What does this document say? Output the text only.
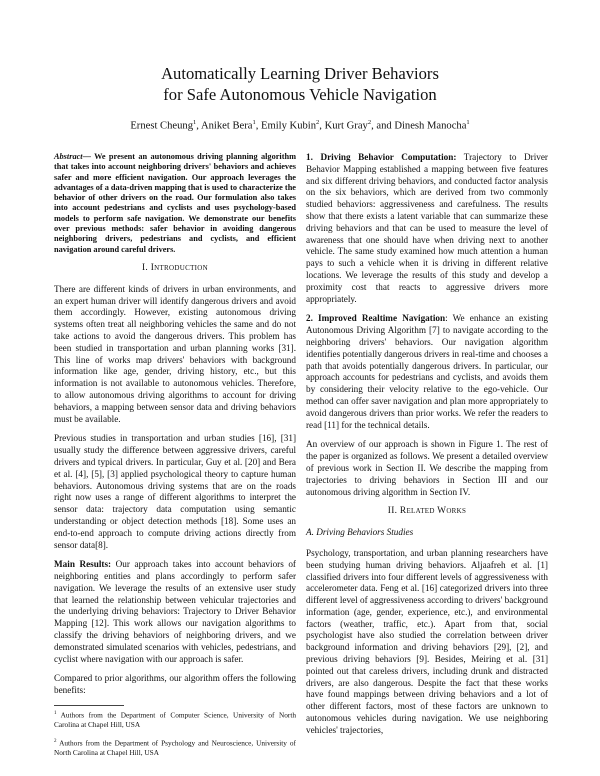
Automatically Learning Driver Behaviors
for Safe Autonomous Vehicle Navigation
Ernest Cheung$^1$, Aniket Bera$^1$, Emily Kubin$^2$, Kurt Gray$^2$, and Dinesh Manocha$^1$

Abstract— We present an autonomous driving planning algorithm that takes into account neighboring drivers' behaviors and achieves safer and more efficient navigation. Our approach leverages the advantages of a data-driven mapping that is used to characterize the behavior of other drivers on the road. Our formulation also takes into account pedestrians and cyclists and uses psychology-based models to perform safe navigation. We demonstrate our benefits over previous methods: safer behavior in avoiding dangerous neighboring drivers, pedestrians and cyclists, and efficient navigation around careful drivers.

I. Introduction

There are different kinds of drivers in urban environments, and an expert human driver will identify dangerous drivers and avoid them accordingly. However, existing autonomous driving systems often treat all neighboring vehicles the same and do not take actions to avoid the dangerous drivers. This problem has been studied in transportation and urban planning works [31]. This line of works map drivers' behaviors with background information like age, gender, driving history, etc., but this information is not available to autonomous vehicles. Therefore, to allow autonomous driving algorithms to account for driving behaviors, a mapping between sensor data and driving behaviors must be available.

Previous studies in transportation and urban studies [16], [31] usually study the difference between aggressive drivers, careful drivers and typical drivers. In particular, Guy et al. [20] and Bera et al. [4], [5], [3] applied psychological theory to capture human behaviors. Autonomous driving systems that are on the roads right now uses a range of different algorithms to interpret the sensor data: trajectory data computation using semantic understanding or object detection methods [18]. Some uses an end-to-end approach to compute driving actions directly from sensor data[8].

Main Results: Our approach takes into account behaviors of neighboring entities and plans accordingly to perform safer navigation. We leverage the results of an extensive user study that learned the relationship between vehicular trajectories and the underlying driving behaviors: Trajectory to Driver Behavior Mapping [12]. This work allows our navigation algorithms to classify the driving behaviors of neighboring drivers, and we demonstrated simulated scenarios with vehicles, pedestrians, and cyclist where navigation with our approach is safer.

Compared to prior algorithms, our algorithm offers the following benefits:

$^1$ Authors from the Department of Computer Science, University of North Carolina at Chapel Hill, USA

$^2$ Authors from the Department of Psychology and Neuroscience, University of North Carolina at Chapel Hill, USA

1. Driving Behavior Computation: Trajectory to Driver Behavior Mapping established a mapping between five features and six different driving behaviors, and conducted factor analysis on the six behaviors, which are derived from two commonly studied behaviors: aggressiveness and carefulness. The results show that there exists a latent variable that can summarize these driving behaviors and that can be used to measure the level of awareness that one should have when driving next to another vehicle. The same study examined how much attention a human pays to such a vehicle when it is driving in different relative locations. We leverage the results of this study and develop a proximity cost that reacts to aggressive drivers more appropriately.

2. Improved Realtime Navigation: We enhance an existing Autonomous Driving Algorithm [7] to navigate according to the neighboring drivers' behaviors. Our navigation algorithm identifies potentially dangerous drivers in real-time and chooses a path that avoids potentially dangerous drivers. In particular, our approach accounts for pedestrians and cyclists, and avoids them by considering their velocity relative to the ego-vehicle. Our method can offer saver navigation and plan more appropriately to avoid dangerous drivers than prior works. We refer the readers to read [11] for the technical details.

An overview of our approach is shown in Figure 1. The rest of the paper is organized as follows. We present a detailed overview of previous work in Section II. We describe the mapping from trajectories to driving behaviors in Section III and our autonomous driving algorithm in Section IV.

II. Related Works
A. Driving Behaviors Studies

Psychology, transportation, and urban planning researchers have been studying human driving behaviors. Aljaafreh et al. [1] classified drivers into four different levels of aggressiveness with accelerometer data. Feng et al. [16] categorized drivers into three different level of aggressiveness according to drivers' background information (age, gender, experience, etc.), and environmental factors (weather, traffic, etc.). Apart from that, social psychologist have also studied the correlation between driver background information and driving behaviors [29], [2], and previous driving behaviors [9]. Besides, Meiring et al. [31] pointed out that careless drivers, including drunk and distracted drivers, are also dangerous. Despite the fact that these works have found mappings between driving behaviors and a lot of other different factors, most of these factors are unknown to autonomous vehicles during navigation. We use neighboring vehicles' trajectories,
